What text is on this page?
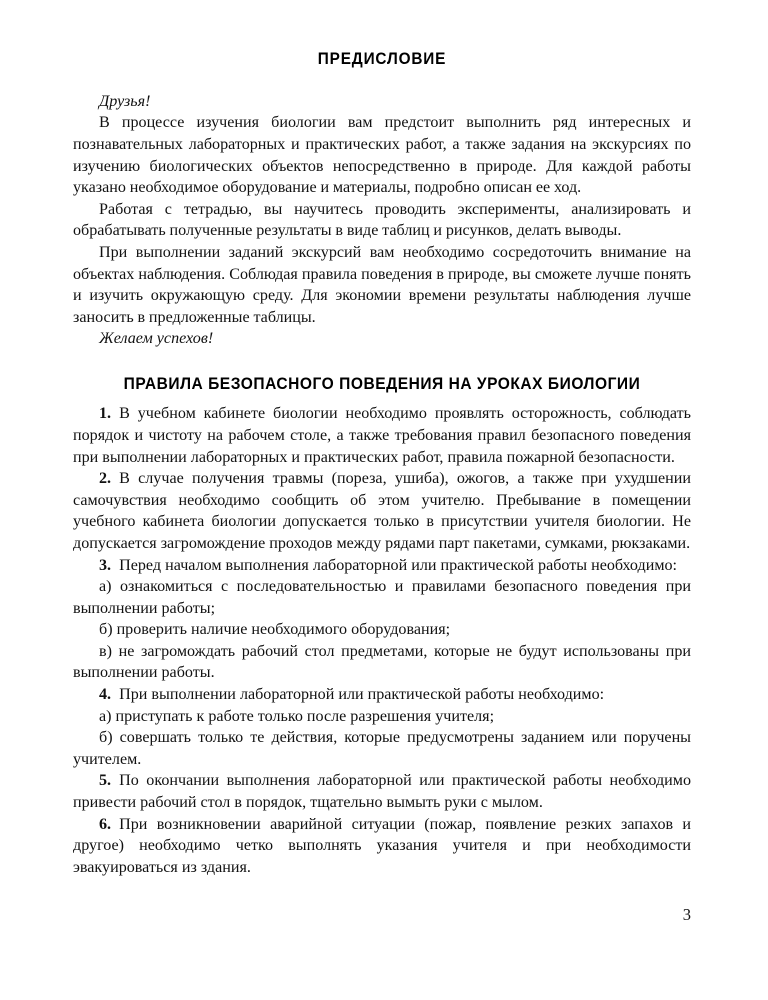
ПРЕДИСЛОВИЕ

Друзья!

В процессе изучения биологии вам предстоит выполнить ряд интересных и познавательных лабораторных и практических работ, а также задания на экскурсиях по изучению биологических объектов непосредственно в природе. Для каждой работы указано необходимое оборудование и материалы, подробно описан ее ход.

Работая с тетрадью, вы научитесь проводить эксперименты, анализировать и обрабатывать полученные результаты в виде таблиц и рисунков, делать выводы.

При выполнении заданий экскурсий вам необходимо сосредоточить внимание на объектах наблюдения. Соблюдая правила поведения в природе, вы сможете лучше понять и изучить окружающую среду. Для экономии времени результаты наблюдения лучше заносить в предложенные таблицы.

Желаем успехов!

ПРАВИЛА БЕЗОПАСНОГО ПОВЕДЕНИЯ НА УРОКАХ БИОЛОГИИ

1. В учебном кабинете биологии необходимо проявлять осторожность, соблюдать порядок и чистоту на рабочем столе, а также требования правил безопасного поведения при выполнении лабораторных и практических работ, правила пожарной безопасности.

2. В случае получения травмы (пореза, ушиба), ожогов, а также при ухудшении самочувствия необходимо сообщить об этом учителю. Пребывание в помещении учебного кабинета биологии допускается только в присутствии учителя биологии. Не допускается загромождение проходов между рядами парт пакетами, сумками, рюкзаками.

3. Перед началом выполнения лабораторной или практической работы необходимо:

а) ознакомиться с последовательностью и правилами безопасного поведения при выполнении работы;

б) проверить наличие необходимого оборудования;

в) не загромождать рабочий стол предметами, которые не будут использованы при выполнении работы.

4. При выполнении лабораторной или практической работы необходимо:

а) приступать к работе только после разрешения учителя;

б) совершать только те действия, которые предусмотрены заданием или поручены учителем.

5. По окончании выполнения лабораторной или практической работы необходимо привести рабочий стол в порядок, тщательно вымыть руки с мылом.

6. При возникновении аварийной ситуации (пожар, появление резких запахов и другое) необходимо четко выполнять указания учителя и при необходимости эвакуироваться из здания.

3
